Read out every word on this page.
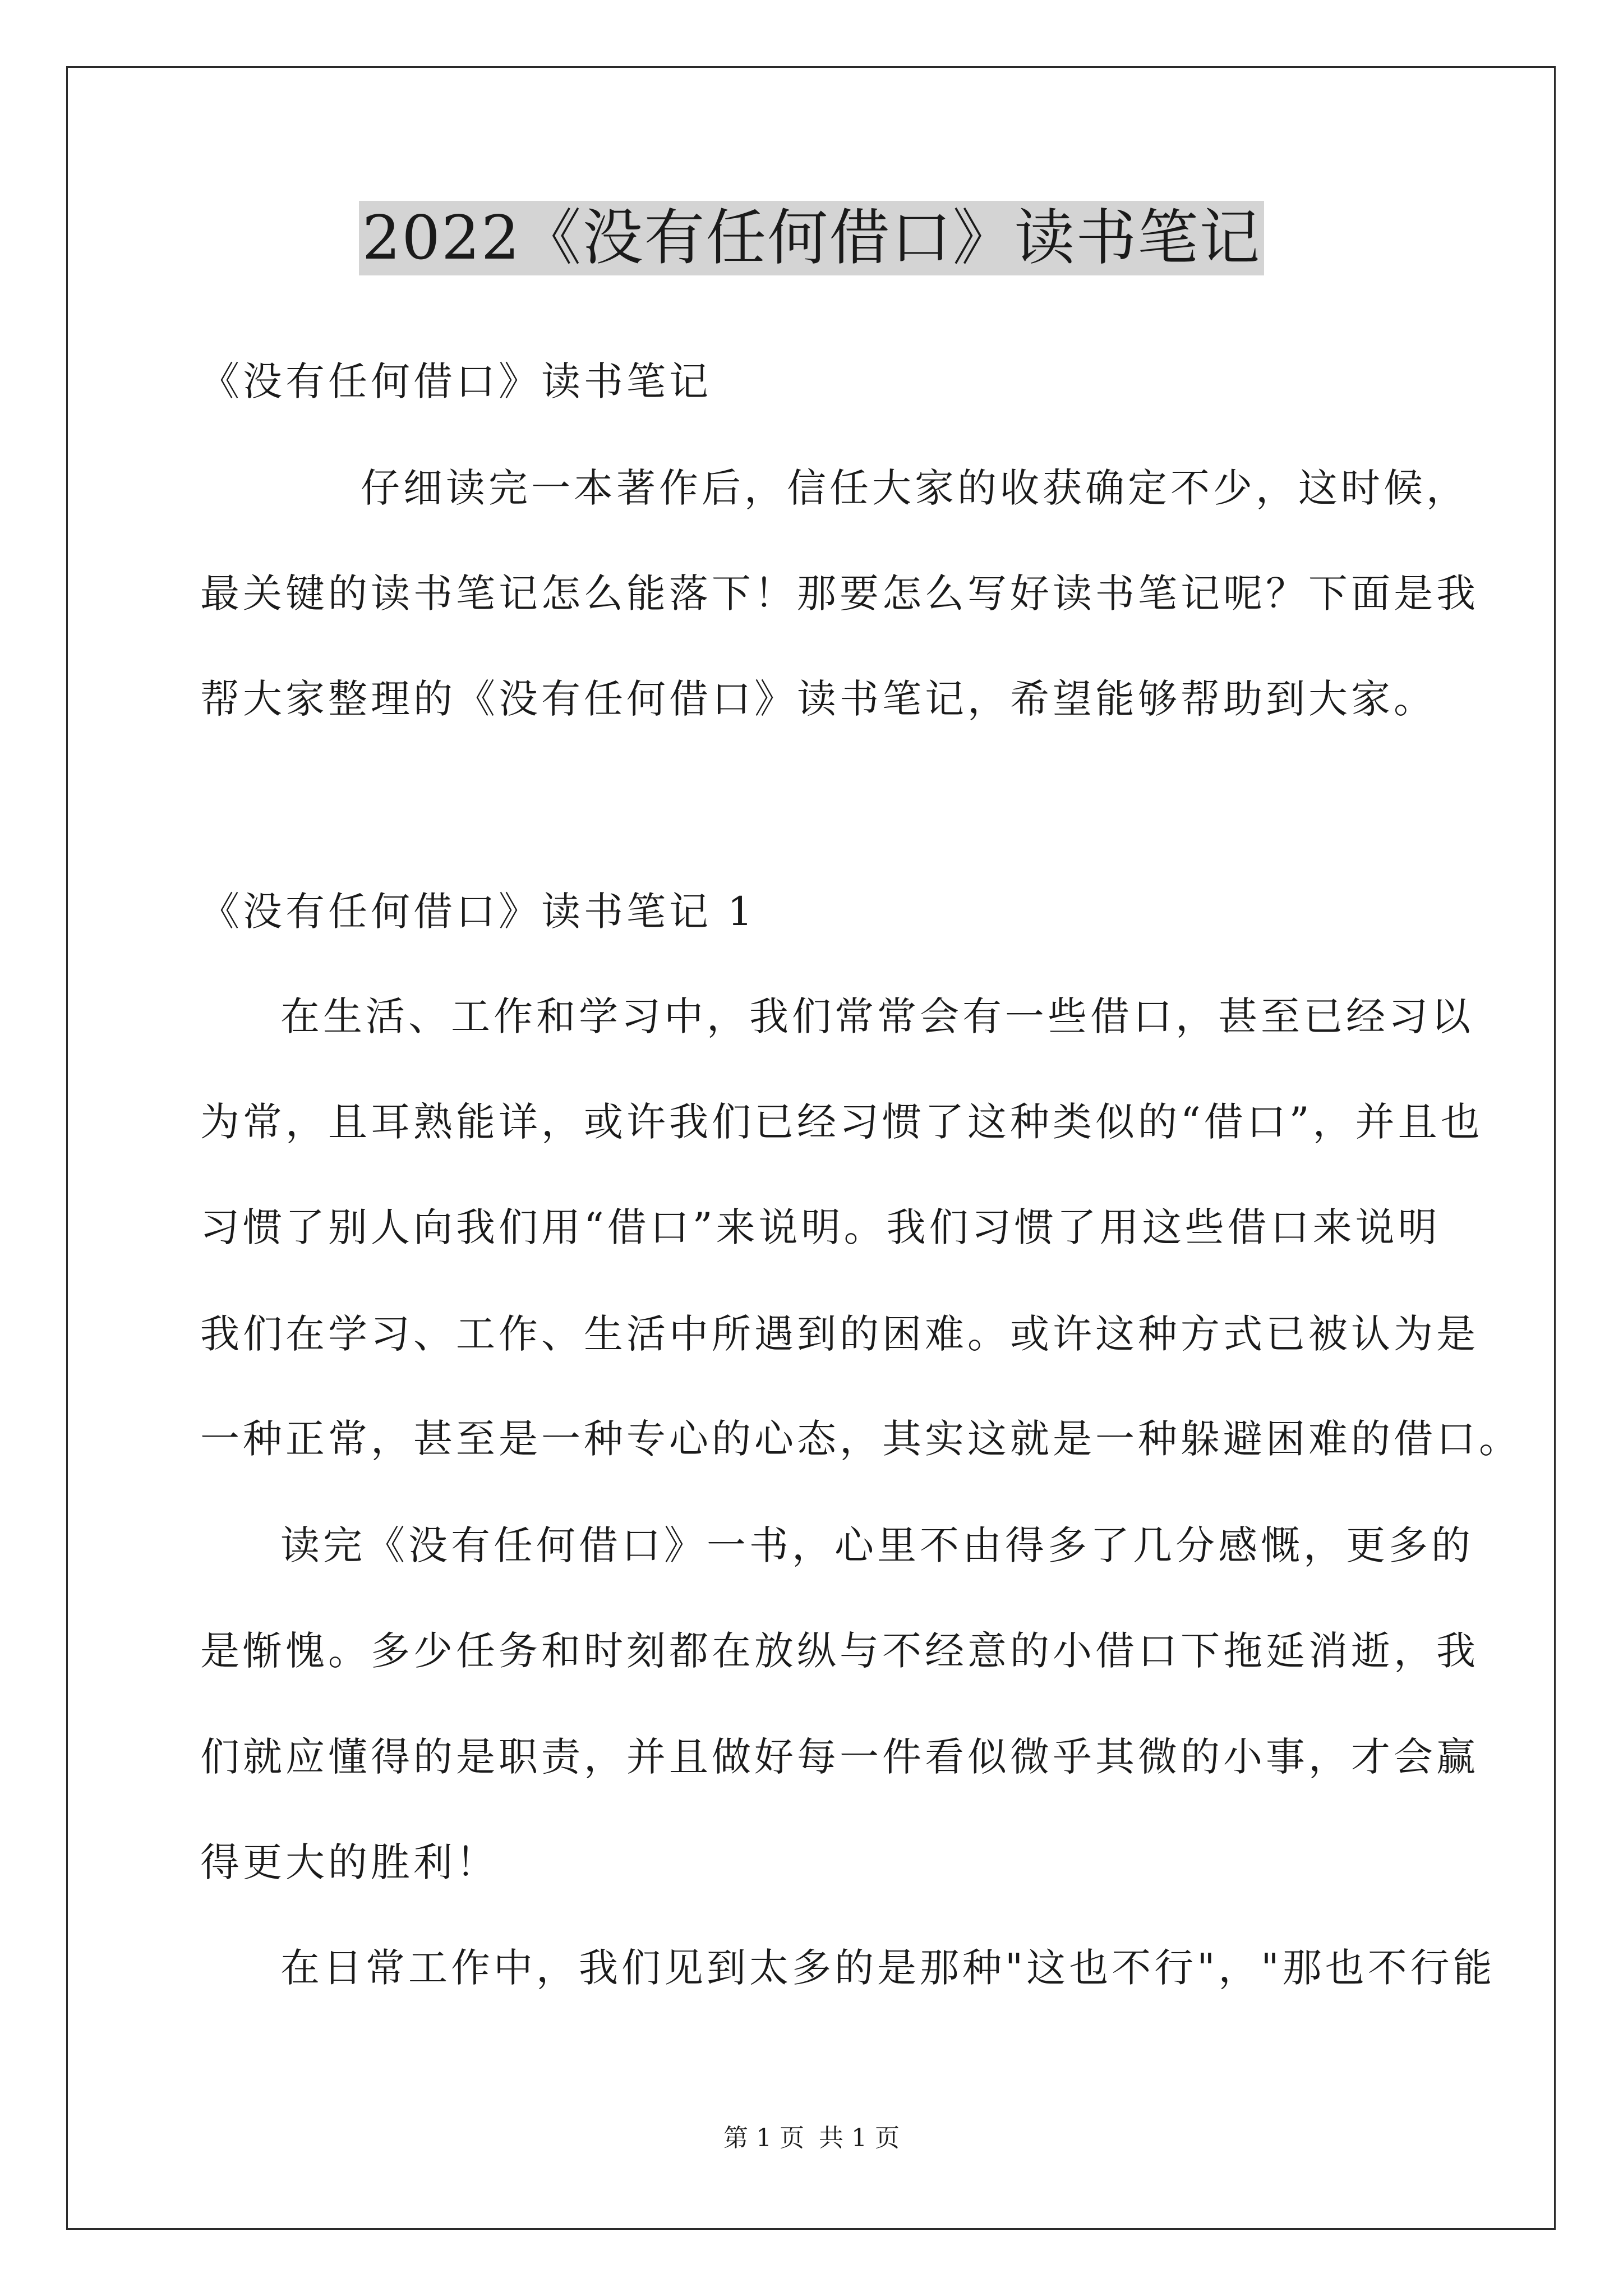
2022《没有任何借口》读书笔记
《没有任何借口》读书笔记
仔细读完一本著作后，信任大家的收获确定不少，这时候，
最关键的读书笔记怎么能落下！那要怎么写好读书笔记呢？下面是我
帮大家整理的《没有任何借口》读书笔记，希望能够帮助到大家。
《没有任何借口》读书笔记 1
在生活、工作和学习中，我们常常会有一些借口，甚至已经习以
为常，且耳熟能详，或许我们已经习惯了这种类似的“借口”，并且也
习惯了别人向我们用“借口”来说明。我们习惯了用这些借口来说明
我们在学习、工作、生活中所遇到的困难。或许这种方式已被认为是
一种正常，甚至是一种专心的心态，其实这就是一种躲避困难的借口。
读完《没有任何借口》一书，心里不由得多了几分感慨，更多的
是惭愧。多少任务和时刻都在放纵与不经意的小借口下拖延消逝，我
们就应懂得的是职责，并且做好每一件看似微乎其微的小事，才会赢
得更大的胜利！
在日常工作中，我们见到太多的是那种"这也不行"，"那也不行能
第 1 页 共 1 页
